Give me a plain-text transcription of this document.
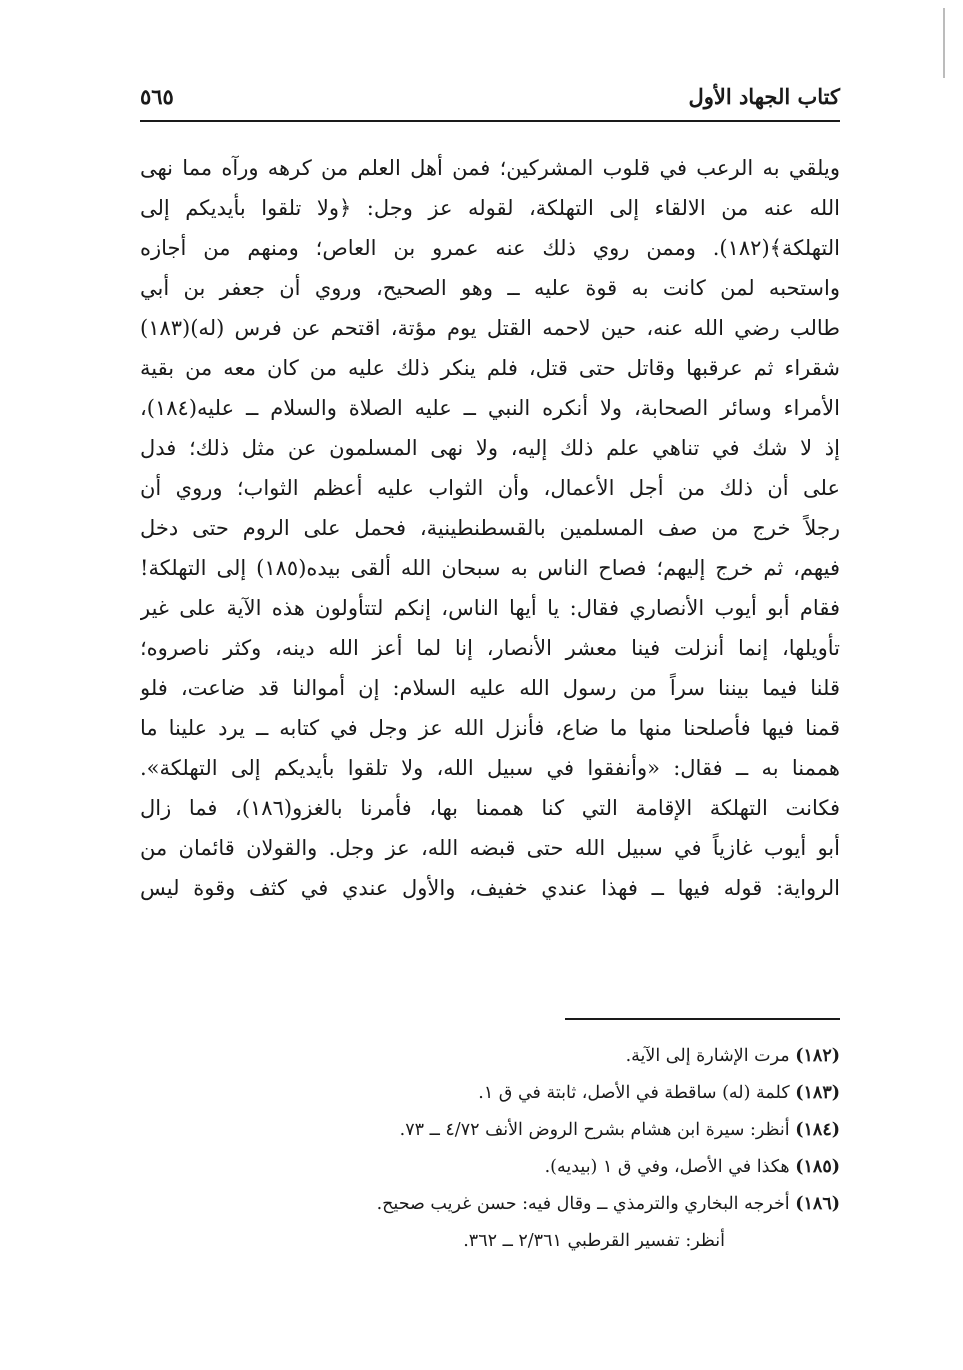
كتاب الجهاد الأول
٥٦٥
ويلقي به الرعب في قلوب المشركين؛ فمن أهل العلم من كرهه ورآه مما نهى
الله عنه من الالقاء إلى التهلكة، لقوله عز وجل: ﴿ولا تلقوا بأيديكم إلى
التهلكة﴾(١٨٢). وممن روي ذلك عنه عمرو بن العاص؛ ومنهم من أجازه
واستحبه لمن كانت به قوة عليه ــ وهو الصحيح، وروي أن جعفر بن أبي
طالب رضي الله عنه، حين لاحمه القتل يوم مؤتة، اقتحم عن فرس (له)(١٨٣)
شقراء ثم عرقبها وقاتل حتى قتل، فلم ينكر ذلك عليه من كان معه من بقية
الأمراء وسائر الصحابة، ولا أنكره النبي ــ عليه الصلاة والسلام ــ عليه(١٨٤)،
إذ لا شك في تناهي علم ذلك إليه، ولا نهى المسلمون عن مثل ذلك؛ فدل
على أن ذلك من أجل الأعمال، وأن الثواب عليه أعظم الثواب؛ وروي أن
رجلاً خرج من صف المسلمين بالقسطنطينية، فحمل على الروم حتى دخل
فيهم، ثم خرج إليهم؛ فصاح الناس به سبحان الله ألقى بيده(١٨٥) إلى التهلكة!
فقام أبو أيوب الأنصاري فقال: يا أيها الناس، إنكم لتتأولون هذه الآية على غير
تأويلها، إنما أنزلت فينا معشر الأنصار، إنا لما أعز الله دينه، وكثر ناصروه؛
قلنا فيما بيننا سراً من رسول الله عليه السلام: إن أموالنا قد ضاعت، فلو
قمنا فيها فأصلحنا منها ما ضاع، فأنزل الله عز وجل في كتابه ــ يرد علينا ما
هممنا به ــ فقال: «وأنفقوا في سبيل الله، ولا تلقوا بأيديكم إلى التهلكة».
فكانت التهلكة الإقامة التي كنا هممنا بها، فأمرنا بالغزو(١٨٦)، فما زال
أبو أيوب غازياً في سبيل الله حتى قبضه الله، عز وجل. والقولان قائمان من
الرواية: قوله فيها ــ فهذا عندي خفيف، والأول عندي في كثف وقوة ليس
(١٨٢) مرت الإشارة إلى الآية.
(١٨٣) كلمة (له) ساقطة في الأصل، ثابتة في ق ١.
(١٨٤) أنظر: سيرة ابن هشام بشرح الروض الأنف ٤/٧٢ ــ ٧٣.
(١٨٥) هكذا في الأصل، وفي ق ١ (بيديه).
(١٨٦) أخرجه البخاري والترمذي ــ وقال فيه: حسن غريب صحيح.
أنظر: تفسير القرطبي ٢/٣٦١ ــ ٣٦٢.
